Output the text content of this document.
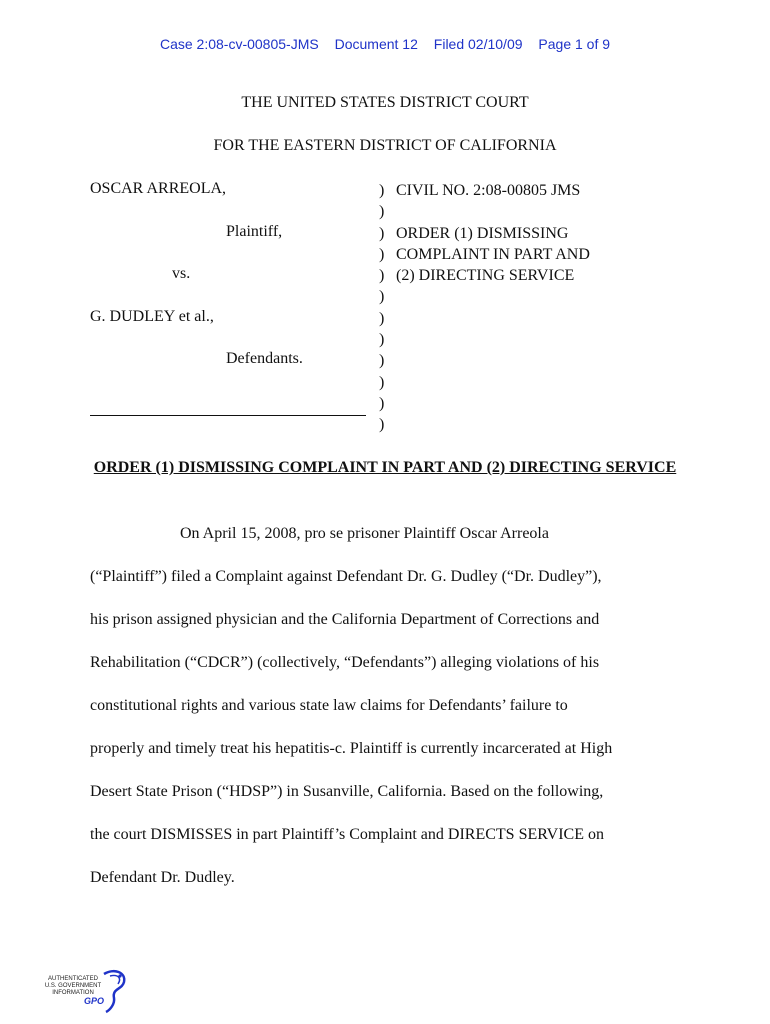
Case 2:08-cv-00805-JMS Document 12 Filed 02/10/09 Page 1 of 9
THE UNITED STATES DISTRICT COURT
FOR THE EASTERN DISTRICT OF CALIFORNIA
OSCAR ARREOLA,
Plaintiff,
vs.
G. DUDLEY et al.,
Defendants.
)
)
)
)
)
)
)
)
)
)
)
)
CIVIL NO. 2:08-00805 JMS

ORDER (1) DISMISSING
COMPLAINT IN PART AND
(2) DIRECTING SERVICE
ORDER (1) DISMISSING COMPLAINT IN PART AND (2) DIRECTING SERVICE

On April 15, 2008, pro se prisoner Plaintiff Oscar Arreola

(“Plaintiff”) filed a Complaint against Defendant Dr. G. Dudley (“Dr. Dudley”),

his prison assigned physician and the California Department of Corrections and

Rehabilitation (“CDCR”) (collectively, “Defendants”) alleging violations of his

constitutional rights and various state law claims for Defendants’ failure to

properly and timely treat his hepatitis-c. Plaintiff is currently incarcerated at High

Desert State Prison (“HDSP”) in Susanville, California. Based on the following,

the court DISMISSES in part Plaintiff’s Complaint and DIRECTS SERVICE on

Defendant Dr. Dudley.

AUTHENTICATED
U.S. GOVERNMENT
INFORMATION
GPO
